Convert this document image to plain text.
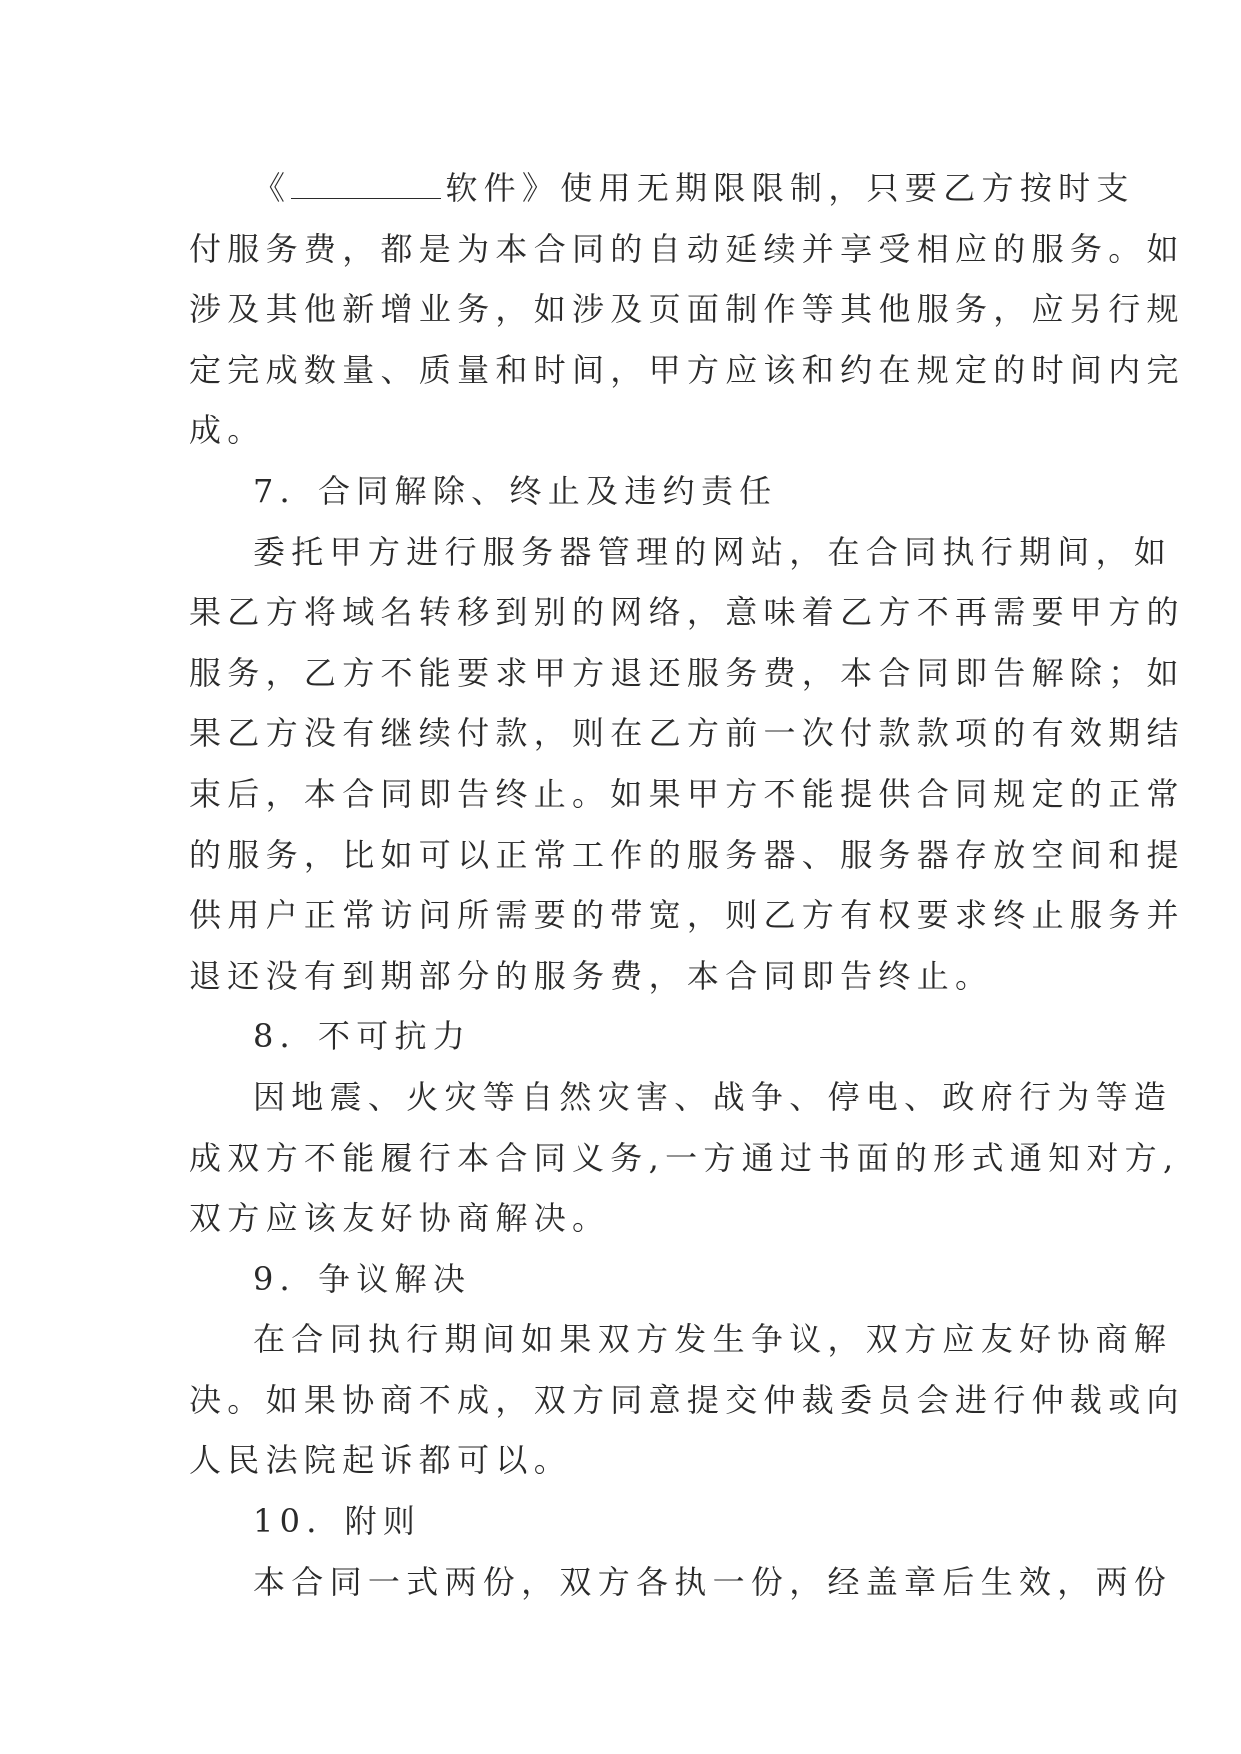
《	软件》使用无期限限制，只要乙方按时支
付服务费，都是为本合同的自动延续并享受相应的服务。如
涉及其他新增业务，如涉及页面制作等其他服务，应另行规
定完成数量、质量和时间，甲方应该和约在规定的时间内完
成。
7．合同解除、终止及违约责任
委托甲方进行服务器管理的网站，在合同执行期间，如
果乙方将域名转移到别的网络，意味着乙方不再需要甲方的
服务，乙方不能要求甲方退还服务费，本合同即告解除；如
果乙方没有继续付款，则在乙方前一次付款款项的有效期结
束后，本合同即告终止。如果甲方不能提供合同规定的正常
的服务，比如可以正常工作的服务器、服务器存放空间和提
供用户正常访问所需要的带宽，则乙方有权要求终止服务并
退还没有到期部分的服务费，本合同即告终止。
8．不可抗力
因地震、火灾等自然灾害、战争、停电、政府行为等造
成双方不能履行本合同义务,一方通过书面的形式通知对方,
双方应该友好协商解决。
9．争议解决
在合同执行期间如果双方发生争议，双方应友好协商解
决。如果协商不成，双方同意提交仲裁委员会进行仲裁或向
人民法院起诉都可以。
10．附则
本合同一式两份，双方各执一份，经盖章后生效，两份
